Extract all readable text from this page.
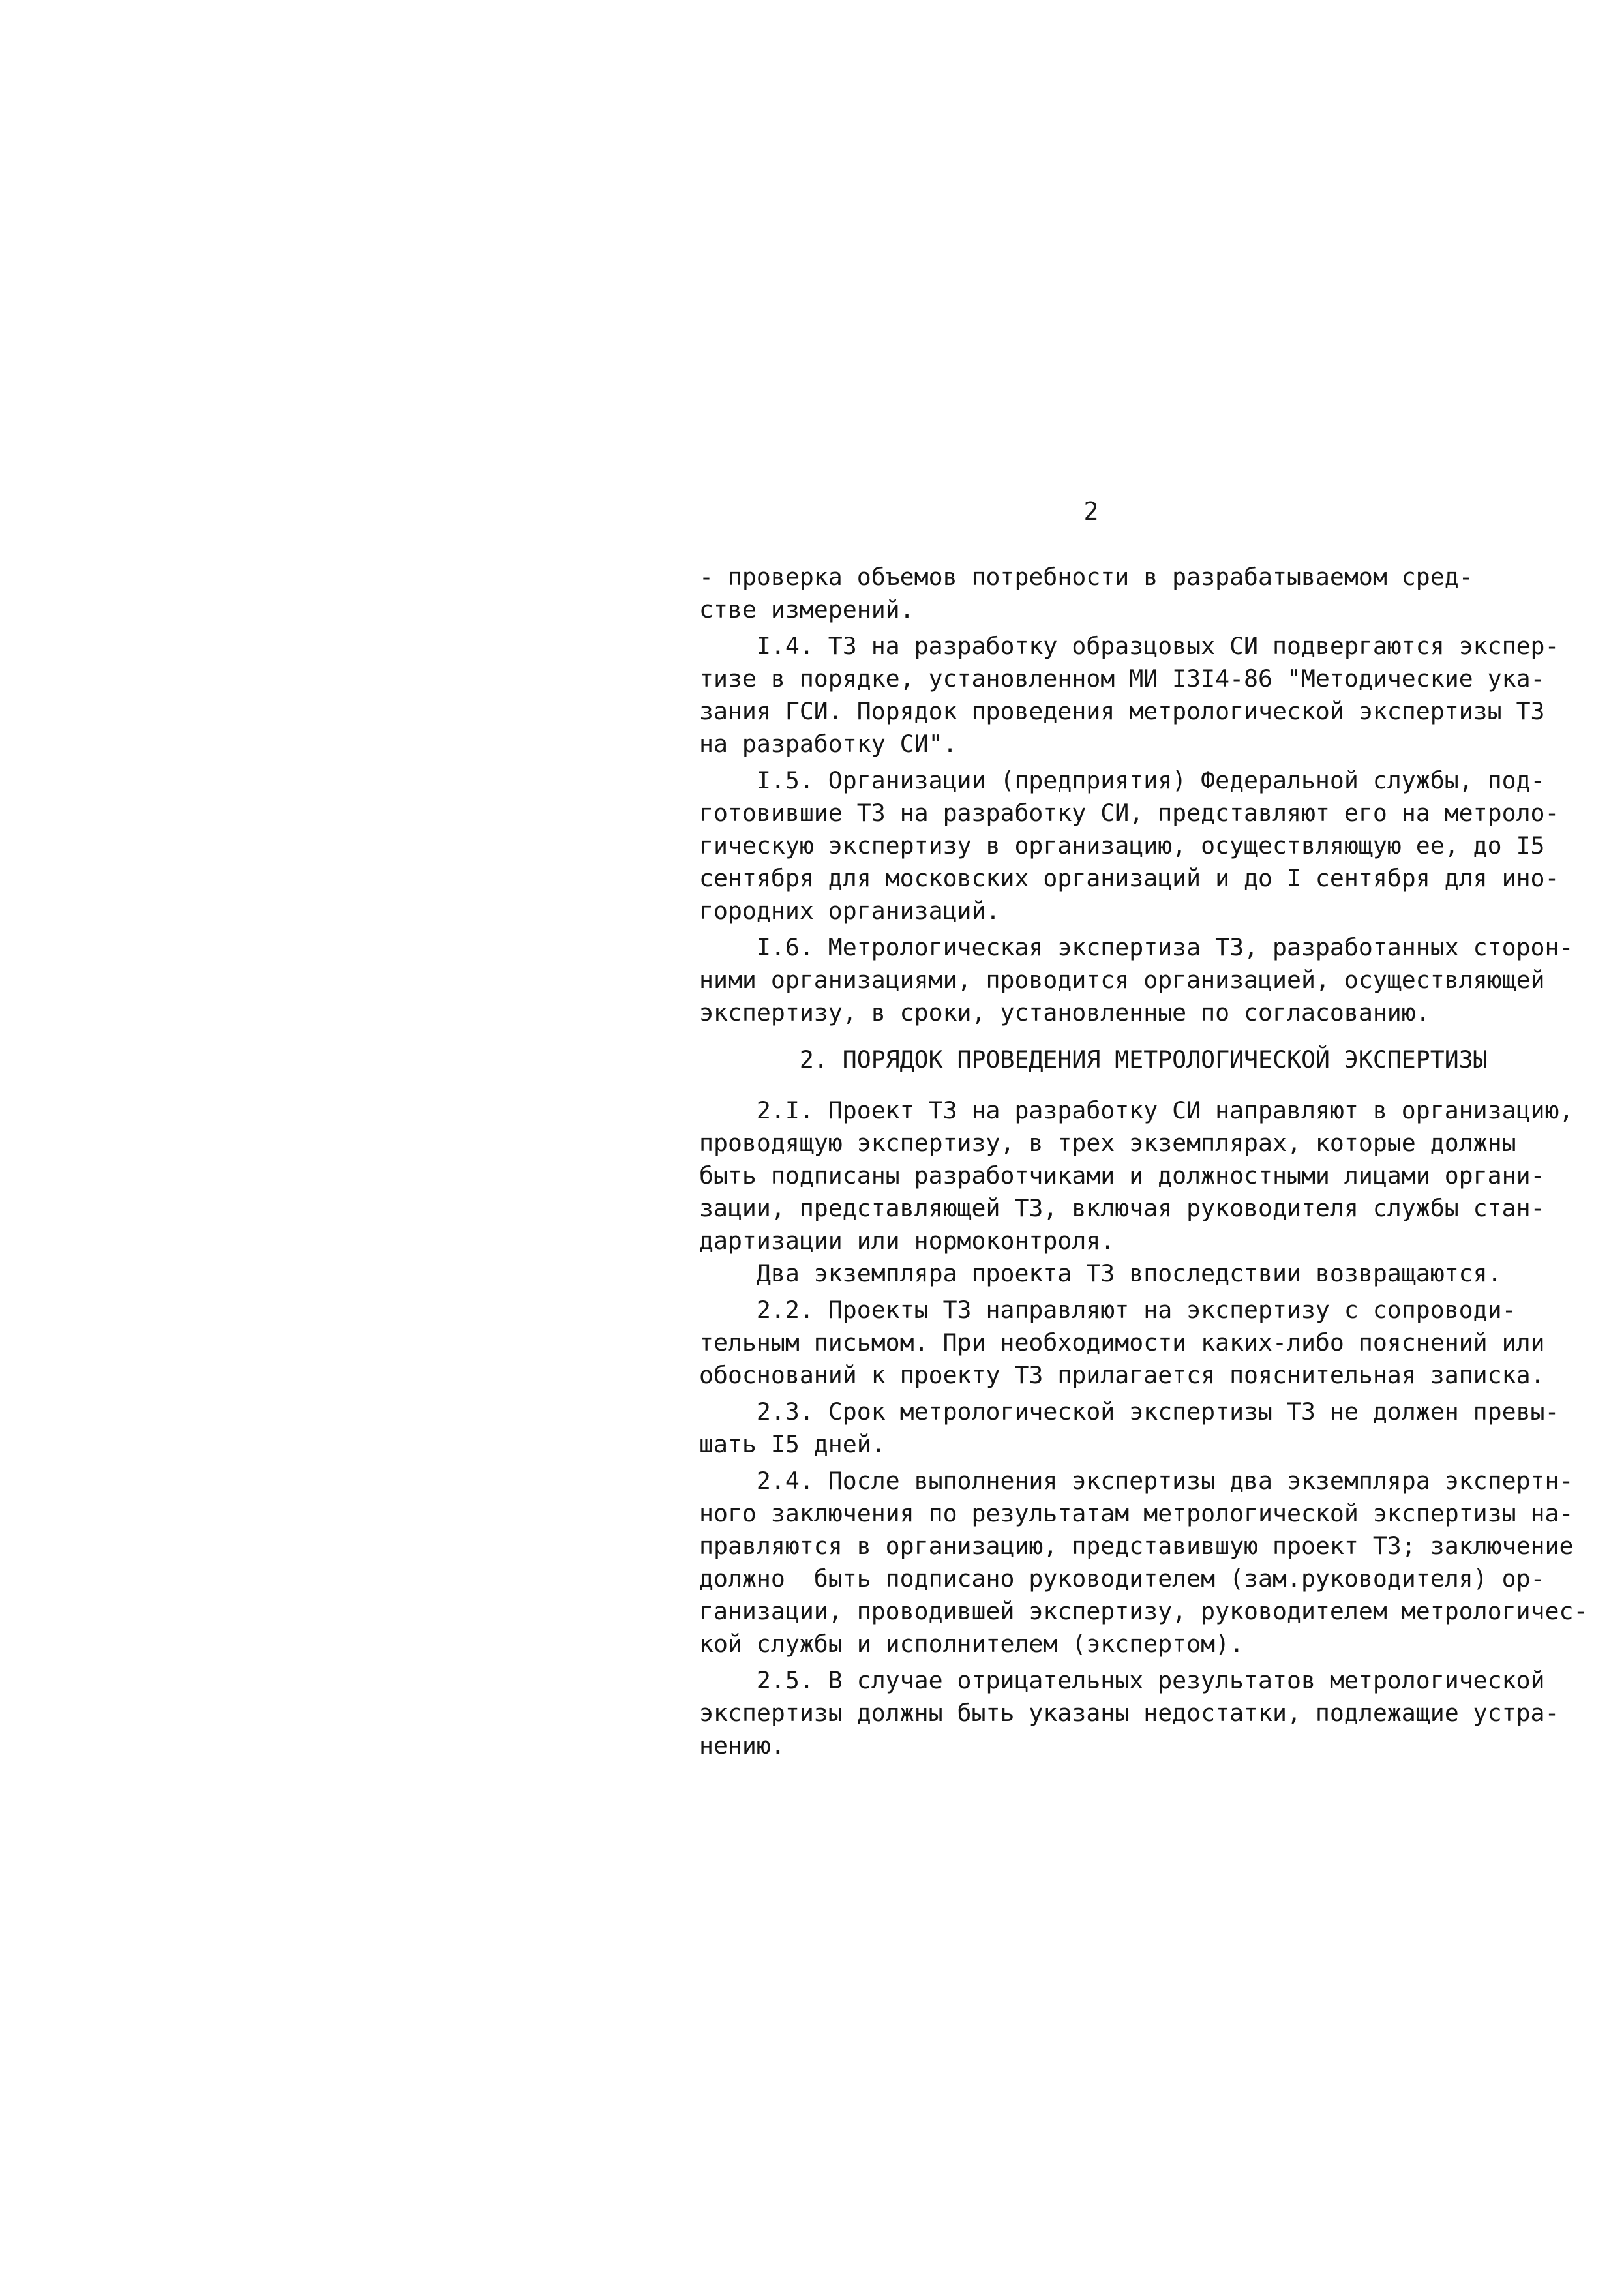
2
- проверка объемов потребности в разрабатываемом сред-
стве измерений.
I.4. ТЗ на разработку образцовых СИ подвергаются экспер-
тизе в порядке, установленном МИ I3I4-86 "Методические ука-
зания ГСИ. Порядок проведения метрологической экспертизы ТЗ
на разработку СИ".
I.5. Организации (предприятия) Федеральной службы, под-
готовившие ТЗ на разработку СИ, представляют его на метроло-
гическую экспертизу в организацию, осуществляющую ее, до I5
сентября для московских организаций и до I сентября для ино-
городних организаций.
I.6. Метрологическая экспертиза ТЗ, разработанных сторон-
ними организациями, проводится организацией, осуществляющей
экспертизу, в сроки, установленные по согласованию.
2. ПОРЯДОК ПРОВЕДЕНИЯ МЕТРОЛОГИЧЕСКОЙ ЭКСПЕРТИЗЫ
2.I. Проект ТЗ на разработку СИ направляют в организацию,
проводящую экспертизу, в трех экземплярах, которые должны
быть подписаны разработчиками и должностными лицами органи-
зации, представляющей ТЗ, включая руководителя службы стан-
дартизации или нормоконтроля.
Два экземпляра проекта ТЗ впоследствии возвращаются.
2.2. Проекты ТЗ направляют на экспертизу с сопроводи-
тельным письмом. При необходимости каких-либо пояснений или
обоснований к проекту ТЗ прилагается пояснительная записка.
2.3. Срок метрологической экспертизы ТЗ не должен превы-
шать I5 дней.
2.4. После выполнения экспертизы два экземпляра экспертн-
ного заключения по результатам метрологической экспертизы на-
правляются в организацию, представившую проект ТЗ; заключение
должно  быть подписано руководителем (зам.руководителя) ор-
ганизации, проводившей экспертизу, руководителем метрологичес-
кой службы и исполнителем (экспертом).
2.5. В случае отрицательных результатов метрологической
экспертизы должны быть указаны недостатки, подлежащие устра-
нению.
